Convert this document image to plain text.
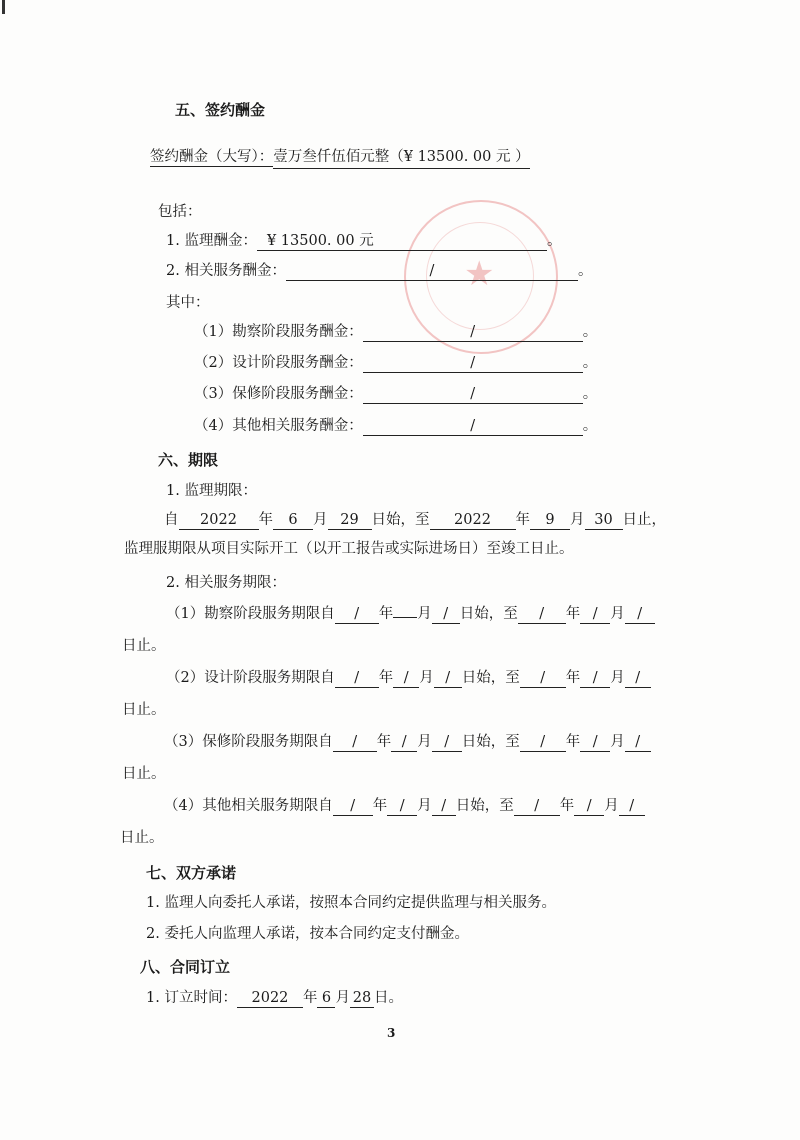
★
五、签约酬金
签约酬金（大写）：壹万叁仟伍佰元整（¥ 13500. 00 元 ）
包括：
1. 监理酬金： ¥ 13500. 00 元	。
2. 相关服务酬金：	/	。
其中：
（1）勘察阶段服务酬金：	/	。
（2）设计阶段服务酬金：	/	。
（3）保修阶段服务酬金：	/	。
（4）其他相关服务酬金：	/	。
六、期限
1. 监理期限：
自 2022 年 6 月 29 日始，至 2022 年 9 月 30 日止，
监理服期限从项目实际开工（以开工报告或实际进场日）至竣工日止。
2. 相关服务期限：
（1）勘察阶段服务期限自 / 年 月 / 日始，至 / 年 / 月 /
日止。
（2）设计阶段服务期限自 / 年 / 月 / 日始，至 / 年 / 月 /
日止。
（3）保修阶段服务期限自 / 年 / 月 / 日始，至 / 年 / 月 /
日止。
（4）其他相关服务期限自 / 年 / 月 / 日始，至 / 年 / 月 /
日止。
七、双方承诺
1. 监理人向委托人承诺，按照本合同约定提供监理与相关服务。
2. 委托人向监理人承诺，按本合同约定支付酬金。
八、合同订立
1. 订立时间： 2022 年 6 月 28 日。
3
